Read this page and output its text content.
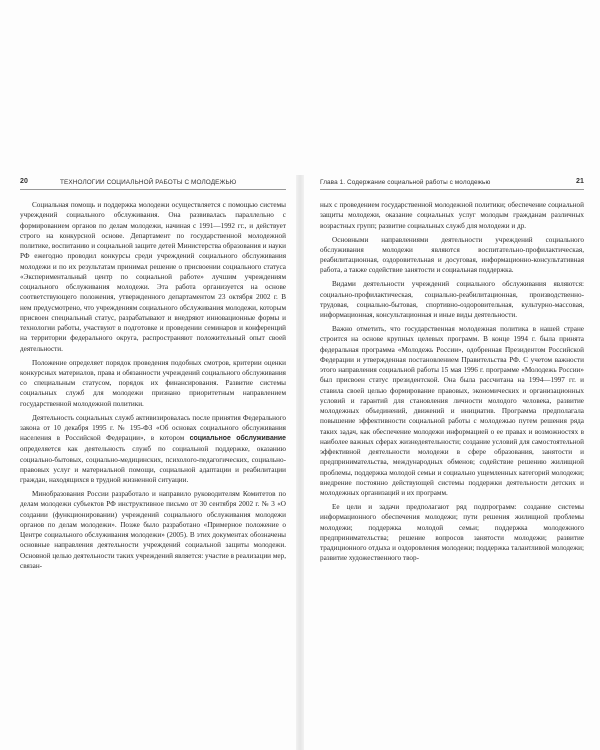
20	ТЕХНОЛОГИИ СОЦИАЛЬНОЙ РАБОТЫ С МОЛОДЕЖЬЮ

Социальная помощь и поддержка молодежи осуществляется с помощью системы учреждений социального обслуживания. Она развивалась параллельно с формированием органов по делам молодежи, начиная с 1991—1992 гг., и действует строго на конкурсной основе. Департамент по государственной молодежной политике, воспитанию и социальной защите детей Министерства образования и науки РФ ежегодно проводил конкурсы среди учреждений социального обслуживания молодежи и по их результатам принимал решение о присвоении социального статуса «Экспериментальный центр по социальной работе» лучшим учреждениям социального обслуживания молодежи. Эта работа организуется на основе соответствующего положения, утвержденного департаментом 23 октября 2002 г. В нем предусмотрено, что учреждениям социального обслуживания молодежи, которым присвоен специальный статус, разрабатывают и внедряют инновационные формы и технологии работы, участвуют в подготовке и проведении семинаров и конференций на территории федерального округа, распространяют положительный опыт своей деятельности.

Положение определяет порядок проведения подобных смотров, критерии оценки конкурсных материалов, права и обязанности учреждений социального обслуживания со специальным статусом, порядок их финансирования. Развитие системы социальных служб для молодежи признано приоритетным направлением государственной молодежной политики.

Деятельность социальных служб активизировалась после принятия Федерального закона от 10 декабря 1995 г. № 195-ФЗ «Об основах социального обслуживания населения в Российской Федерации», в котором социальное обслуживание определяется как деятельность служб по социальной поддержке, оказанию социально-бытовых, социально-медицинских, психолого-педагогических, социально-правовых услуг и материальной помощи, социальной адаптации и реабилитации граждан, находящихся в трудной жизненной ситуации.

Минобразования России разработало и направило руководителям Комитетов по делам молодежи субъектов РФ инструктивное письмо от 30 сентября 2002 г. № 3 «О создании (функционировании) учреждений социального обслуживания молодежи органов по делам молодежи». Позже было разработано «Примерное положение о Центре социального обслуживания молодежи» (2005). В этих документах обозначены основные направления деятельности учреждений социальной защиты молодежи. Основной целью деятельности таких учреждений является: участие в реализации мер, связан-

Глава 1. Содержание социальной работы с молодежью	21

ных с проведением государственной молодежной политики; обеспечение социальной защиты молодежи, оказание социальных услуг молодым гражданам различных возрастных групп; развитие социальных служб для молодежи и др.

Основными направлениями деятельности учреждений социального обслуживания молодежи являются воспитательно-профилактическая, реабилитационная, оздоровительная и досуговая, информационно-консультативная работа, а также содействие занятости и социальная поддержка.

Видами деятельности учреждений социального обслуживания являются: социально-профилактическая, социально-реабилитационная, производственно-трудовая, социально-бытовая, спортивно-оздоровительная, культурно-массовая, информационная, консультационная и иные виды деятельности.

Важно отметить, что государственная молодежная политика в нашей стране строится на основе крупных целевых программ. В конце 1994 г. была принята федеральная программа «Молодежь России», одобренная Президентом Российской Федерации и утвержденная постановлением Правительства РФ. С учетом важности этого направления социальной работы 15 мая 1996 г. программе «Молодежь России» был присвоен статус президентской. Она была рассчитана на 1994—1997 гг. и ставила своей целью формирование правовых, экономических и организационных условий и гарантий для становления личности молодого человека, развитие молодежных объединений, движений и инициатив. Программа предполагала повышение эффективности социальной работы с молодежью путем решения ряда таких задач, как обеспечение молодежи информацией о ее правах и возможностях в наиболее важных сферах жизнедеятельности; создание условий для самостоятельной эффективной деятельности молодежи в сфере образования, занятости и предпринимательства, международных обменов; содействие решению жилищной проблемы, поддержка молодой семьи и социально ущемленных категорий молодежи; внедрение постоянно действующей системы поддержки деятельности детских и молодежных организаций и их программ.

Ее цели и задачи предполагают ряд подпрограмм: создание системы информационного обеспечения молодежи; пути решения жилищной проблемы молодежи; поддержка молодой семьи; поддержка молодежного предпринимательства; решение вопросов занятости молодежи; развитие традиционного отдыха и оздоровления молодежи; поддержка талантливой молодежи; развитие художественного твор-
